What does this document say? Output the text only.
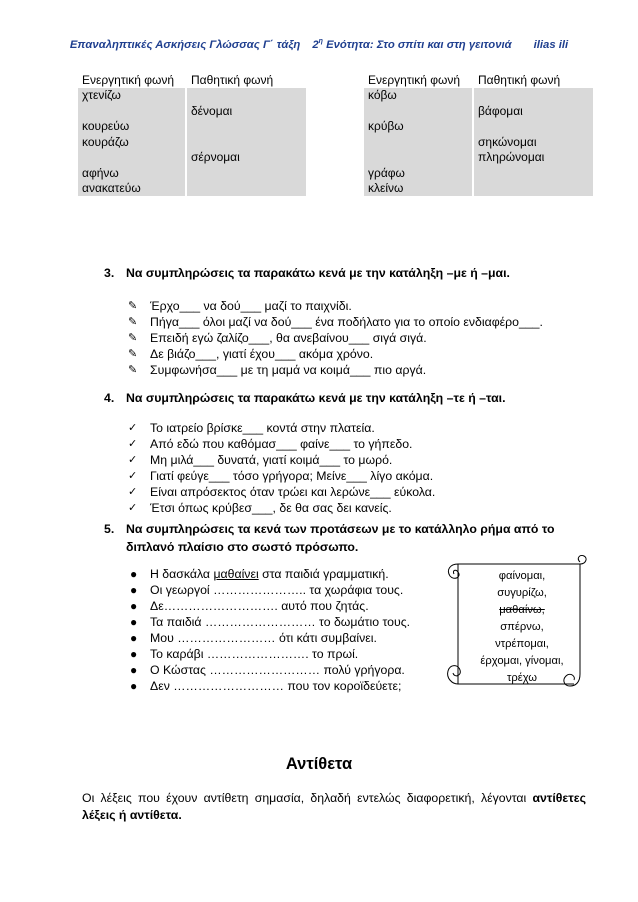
Επαναληπτικές Ασκήσεις Γλώσσας Γ΄ τάξη $2^\eta$ Ενότητα: Στο σπίτι και στη γειτονιά ilias ili
Ενεργητική φωνή	Παθητική φωνή
χτενίζω	
	δένομαι
κουρεύω	
κουράζω	
	σέρνομαι
αφήνω	
ανακατεύω	
Ενεργητική φωνή	Παθητική φωνή
κόβω	
	βάφομαι
κρύβω	
	σηκώνομαι
	πληρώνομαι
γράφω	
κλείνω	
3. Να συμπληρώσεις τα παρακάτω κενά με την κατάληξη –με ή –μαι.
✎	Έρχο___ να δού___ μαζί το παιχνίδι.
✎	Πήγα___ όλοι μαζί να δού___ ένα ποδήλατο για το οποίο ενδιαφέρο___.
✎	Επειδή εγώ ζαλίζο___, θα ανεβαίνου___ σιγά σιγά.
✎	Δε βιάζο___, γιατί έχου___ ακόμα χρόνο.
✎	Συμφωνήσα___ με τη μαμά να κοιμά___ πιο αργά.
4. Να συμπληρώσεις τα παρακάτω κενά με την κατάληξη –τε ή –ται.
✓	Το ιατρείο βρίσκε___ κοντά στην πλατεία.
✓	Από εδώ που καθόμασ___ φαίνε___ το γήπεδο.
✓	Μη μιλά___ δυνατά, γιατί κοιμά___ το μωρό.
✓	Γιατί φεύγε___ τόσο γρήγορα; Μείνε___ λίγο ακόμα.
✓	Είναι απρόσεκτος όταν τρώει και λερώνε___ εύκολα.
✓	Έτσι όπως κρύβεσ___, δε θα σας δει κανείς.
5. Να συμπληρώσεις τα κενά των προτάσεων με το κατάλληλο ρήμα από το
διπλανό πλαίσιο στο σωστό πρόσωπο.
●	Η δασκάλα μαθαίνει στα παιδιά γραμματική.
●	Οι γεωργοί ………………….. τα χωράφια τους.
●	Δε………………………. αυτό που ζητάς.
●	Τα παιδιά ……………………… το δωμάτιο τους.
●	Μου …………………… ότι κάτι συμβαίνει.
●	Το καράβι ……………………. το πρωί.
●	Ο Κώστας ……………………… πολύ γρήγορα.
●	Δεν ……………………… που τον κοροϊδεύετε;
φαίνομαι,
συγυρίζω,
μαθαίνω,
σπέρνω,
ντρέπομαι,
έρχομαι, γίνομαι,
τρέχω
Αντίθετα
Οι λέξεις που έχουν αντίθετη σημασία, δηλαδή εντελώς διαφορετική, λέγονται αντίθετες λέξεις ή αντίθετα.
